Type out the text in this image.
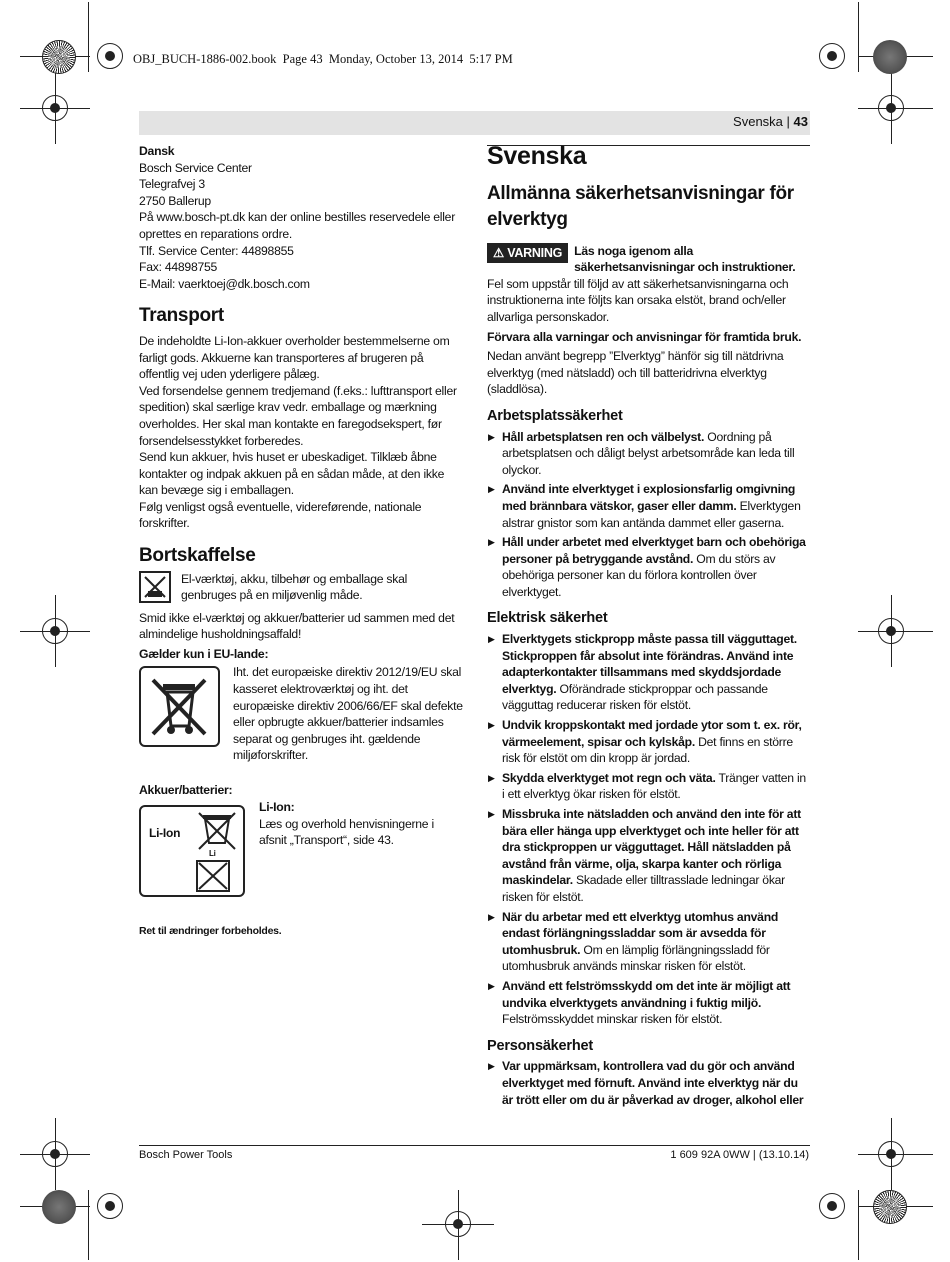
OBJ_BUCH-1886-002.book  Page 43  Monday, October 13, 2014  5:17 PM
Svenska | 43

Dansk

Bosch Service Center

Telegrafvej 3

2750 Ballerup

På www.bosch-pt.dk kan der online bestilles reservedele eller oprettes en reparations ordre.

Tlf. Service Center: 44898855

Fax: 44898755

E-Mail: vaerktoej@dk.bosch.com

Transport

De indeholdte Li-Ion-akkuer overholder bestemmelserne om farligt gods. Akkuerne kan transporteres af brugeren på offentlig vej uden yderligere pålæg.

Ved forsendelse gennem tredjemand (f.eks.: lufttransport eller spedition) skal særlige krav vedr. emballage og mærkning overholdes. Her skal man kontakte en faregodsekspert, før forsendelsesstykket forberedes.

Send kun akkuer, hvis huset er ubeskadiget. Tilklæb åbne kontakter og indpak akkuen på en sådan måde, at den ikke kan bevæge sig i emballagen.

Følg venligst også eventuelle, videreførende, nationale forskrifter.

Bortskaffelse

El-værktøj, akku, tilbehør og emballage skal genbruges på en miljøvenlig måde.

Smid ikke el-værktøj og akkuer/batterier ud sammen med det almindelige husholdningsaffald!

Gælder kun i EU-lande:

Iht. det europæiske direktiv 2012/19/EU skal kasseret elektroværktøj og iht. det europæiske direktiv 2006/66/EF skal defekte eller opbrugte akkuer/batterier indsamles separat og genbruges iht. gældende miljøforskrifter.

Akkuer/batterier:

Li-Ion
Li

Li-Ion:

Læs og overhold henvisningerne i afsnit „Transport“, side 43.

Ret til ændringer forbeholdes.

Svenska
Allmänna säkerhetsanvisningar för elverktyg
⚠ VARNING Läs noga igenom alla säkerhetsanvisningar och instruktioner. Fel som uppstår till följd av att säkerhetsanvisningarna och instruktionerna inte följts kan orsaka elstöt, brand och/eller allvarliga personskador.

Förvara alla varningar och anvisningar för framtida bruk.

Nedan använt begrepp ”Elverktyg” hänför sig till nätdrivna elverktyg (med nätsladd) och till batteridrivna elverktyg (sladdlösa).

Arbetsplatssäkerhet
▶ Håll arbetsplatsen ren och välbelyst. Oordning på arbetsplatsen och dåligt belyst arbetsområde kan leda till olyckor.
▶ Använd inte elverktyget i explosionsfarlig omgivning med brännbara vätskor, gaser eller damm. Elverktygen alstrar gnistor som kan antända dammet eller gaserna.
▶ Håll under arbetet med elverktyget barn och obehöriga personer på betryggande avstånd. Om du störs av obehöriga personer kan du förlora kontrollen över elverktyget.
Elektrisk säkerhet
▶ Elverktygets stickpropp måste passa till vägguttaget. Stickproppen får absolut inte förändras. Använd inte adapterkontakter tillsammans med skyddsjordade elverktyg. Oförändrade stickproppar och passande vägguttag reducerar risken för elstöt.
▶ Undvik kroppskontakt med jordade ytor som t. ex. rör, värmeelement, spisar och kylskåp. Det finns en större risk för elstöt om din kropp är jordad.
▶ Skydda elverktyget mot regn och väta. Tränger vatten in i ett elverktyg ökar risken för elstöt.
▶ Missbruka inte nätsladden och använd den inte för att bära eller hänga upp elverktyget och inte heller för att dra stickproppen ur vägguttaget. Håll nätsladden på avstånd från värme, olja, skarpa kanter och rörliga maskindelar. Skadade eller tilltrasslade ledningar ökar risken för elstöt.
▶ När du arbetar med ett elverktyg utomhus använd endast förlängningssladdar som är avsedda för utomhusbruk. Om en lämplig förlängningssladd för utomhusbruk används minskar risken för elstöt.
▶ Använd ett felströmsskydd om det inte är möjligt att undvika elverktygets användning i fuktig miljö. Felströmsskyddet minskar risken för elstöt.
Personsäkerhet
▶ Var uppmärksam, kontrollera vad du gör och använd elverktyget med förnuft. Använd inte elverktyg när du är trött eller om du är påverkad av droger, alkohol eller
Bosch Power Tools	1 609 92A 0WW | (13.10.14)
